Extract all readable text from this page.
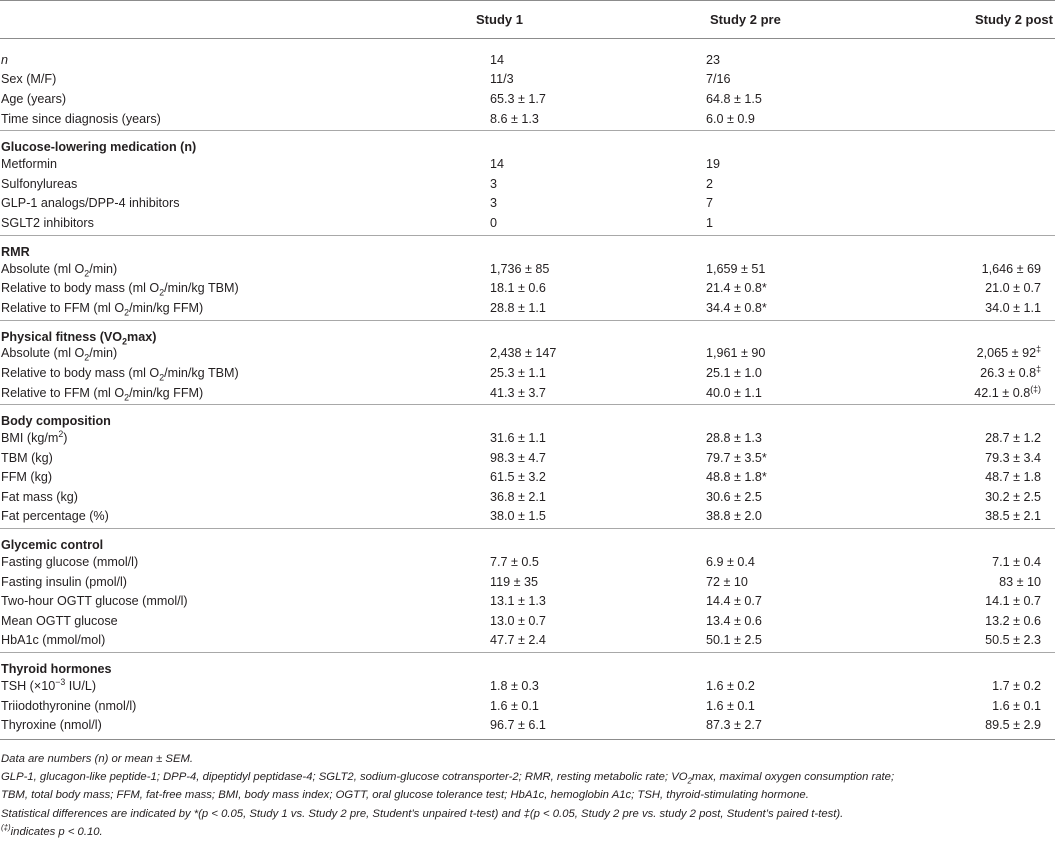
	Study 1	Study 2 pre	Study 2 post

n	14	23	
Sex (M/F)	11/3	7/16	
Age (years)	65.3 ± 1.7	64.8 ± 1.5	
Time since diagnosis (years)	8.6 ± 1.3	6.0 ± 0.9	
Glucose-lowering medication (n)			
Metformin	14	19	
Sulfonylureas	3	2	
GLP-1 analogs/DPP-4 inhibitors	3	7	
SGLT2 inhibitors	0	1	
RMR			
Absolute (ml $O_2/\min$)	1,736 ± 85	1,659 ± 51	1,646 ± 69
Relative to body mass (ml $O_2/\min/kg$ TBM)	18.1 ± 0.6	21.4 ± 0.8*	21.0 ± 0.7
Relative to FFM (ml $O_2/\min/kg$ FFM)	28.8 ± 1.1	34.4 ± 0.8*	34.0 ± 1.1
Physical fitness $(VO_2\max)$			
Absolute (ml $O_2/\min$)	2,438 ± 147	1,961 ± 90	2,065 ± 92‡
Relative to body mass (ml $O_2/\min/kg$ TBM)	25.3 ± 1.1	25.1 ± 1.0	26.3 ± 0.8‡
Relative to FFM (ml $O_2/\min/kg$ FFM)	41.3 ± 3.7	40.0 ± 1.1	42.1 ± 0.8(‡)
Body composition			
BMI $(kg/m^2)$	31.6 ± 1.1	28.8 ± 1.3	28.7 ± 1.2
TBM (kg)	98.3 ± 4.7	79.7 ± 3.5*	79.3 ± 3.4
FFM (kg)	61.5 ± 3.2	48.8 ± 1.8*	48.7 ± 1.8
Fat mass (kg)	36.8 ± 2.1	30.6 ± 2.5	30.2 ± 2.5
Fat percentage (%)	38.0 ± 1.5	38.8 ± 2.0	38.5 ± 2.1
Glycemic control			
Fasting glucose (mmol/l)	7.7 ± 0.5	6.9 ± 0.4	7.1 ± 0.4
Fasting insulin (pmol/l)	119 ± 35	72 ± 10	83 ± 10
Two-hour OGTT glucose (mmol/l)	13.1 ± 1.3	14.4 ± 0.7	14.1 ± 0.7
Mean OGTT glucose	13.0 ± 0.7	13.4 ± 0.6	13.2 ± 0.6
HbA1c (mmol/mol)	47.7 ± 2.4	50.1 ± 2.5	50.5 ± 2.3
Thyroid hormones			
TSH ($\times 10^{-3}$ IU/L)	1.8 ± 0.3	1.6 ± 0.2	1.7 ± 0.2
Triiodothyronine (nmol/l)	1.6 ± 0.1	1.6 ± 0.1	1.6 ± 0.1
Thyroxine (nmol/l)	96.7 ± 6.1	87.3 ± 2.7	89.5 ± 2.9

Data are numbers (n) or mean ± SEM.

GLP-1, glucagon-like peptide-1; DPP-4, dipeptidyl peptidase-4; SGLT2, sodium-glucose cotransporter-2; RMR, resting metabolic rate; $VO_2\max$, maximal oxygen consumption rate;

TBM, total body mass; FFM, fat-free mass; BMI, body mass index; OGTT, oral glucose tolerance test; HbA1c, hemoglobin A1c; TSH, thyroid-stimulating hormone.

Statistical differences are indicated by *(p < 0.05, Study 1 vs. Study 2 pre, Student’s unpaired t-test) and ‡(p < 0.05, Study 2 pre vs. study 2 post, Student’s paired t-test).

(‡)indicates p < 0.10.
